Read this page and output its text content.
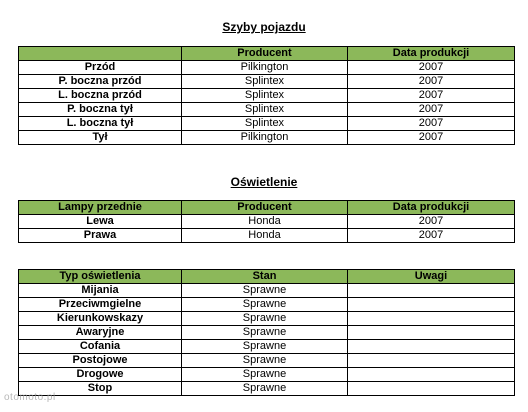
Szyby pojazdu
	Producent	Data produkcji
Przód	Pilkington	2007
P. boczna przód	Splintex	2007
L. boczna przód	Splintex	2007
P. boczna tył	Splintex	2007
L. boczna tył	Splintex	2007
Tył	Pilkington	2007
Oświetlenie
Lampy przednie	Producent	Data produkcji
Lewa	Honda	2007
Prawa	Honda	2007
Typ oświetlenia	Stan	Uwagi
Mijania	Sprawne	
Przeciwmgielne	Sprawne	
Kierunkowskazy	Sprawne	
Awaryjne	Sprawne	
Cofania	Sprawne	
Postojowe	Sprawne	
Drogowe	Sprawne	
Stop	Sprawne	
otomoto.pl
